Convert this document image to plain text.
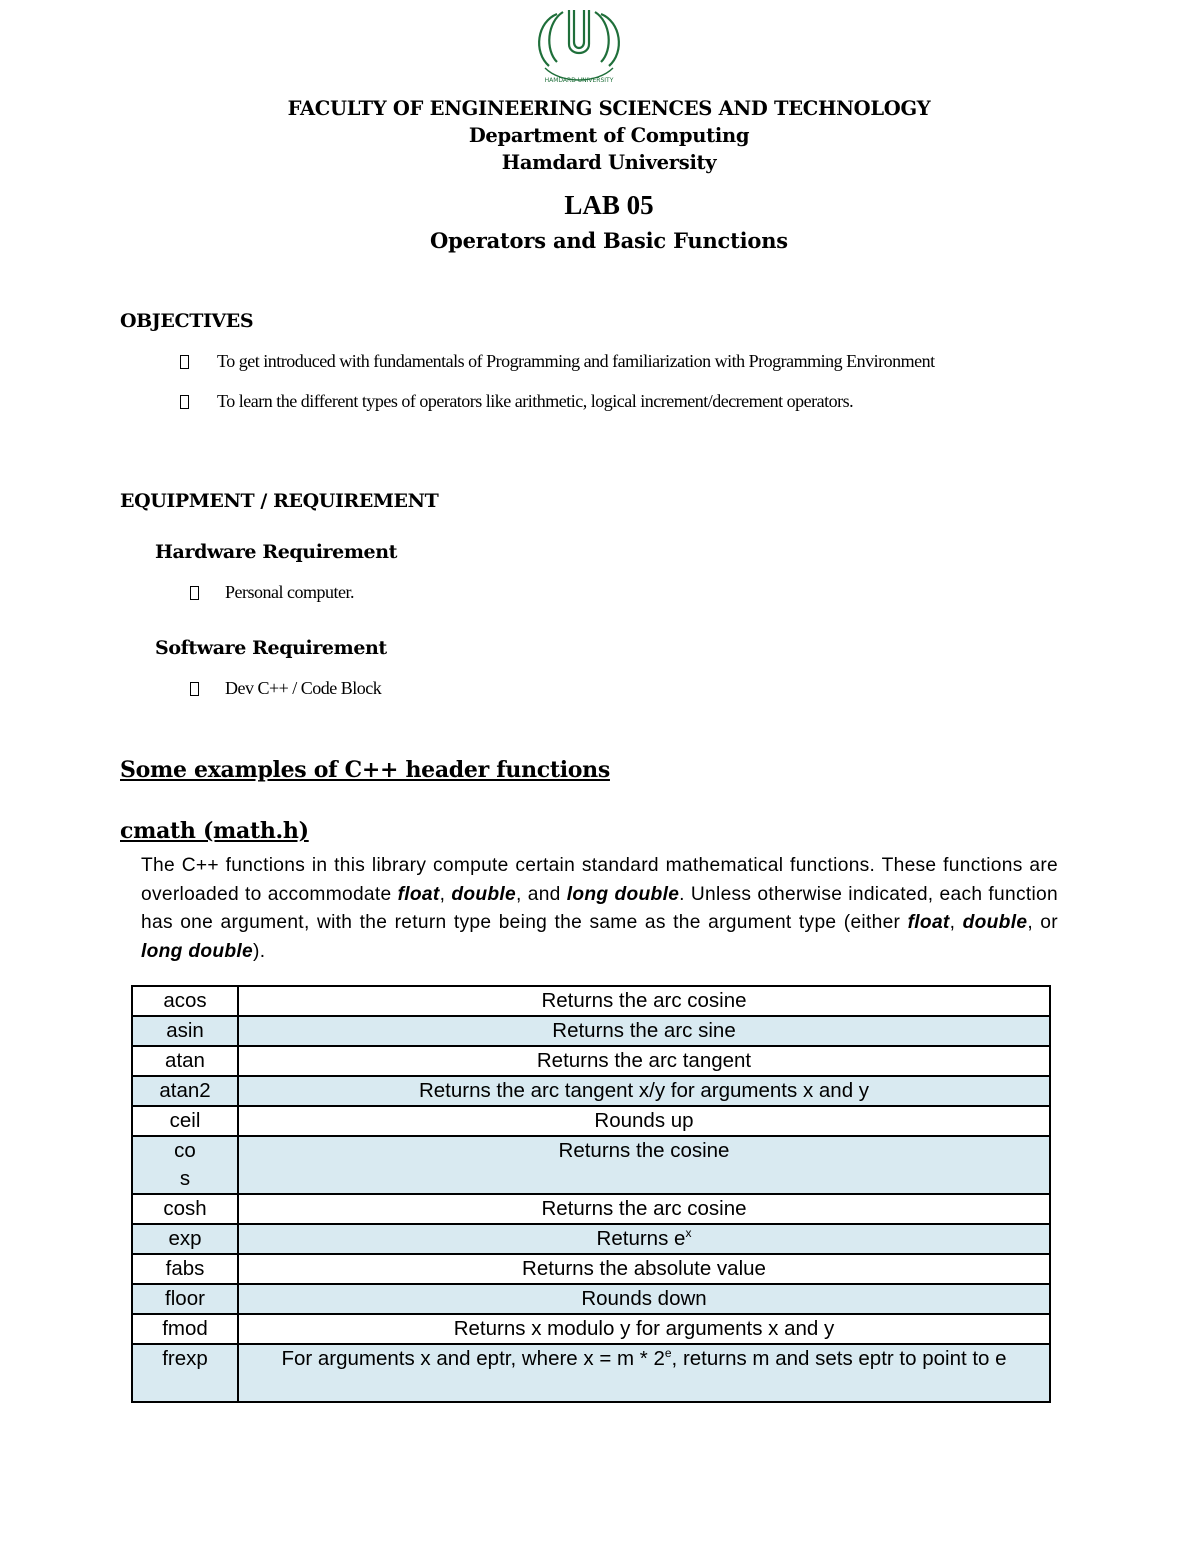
HAMDARD UNIVERSITY
FACULTY OF ENGINEERING SCIENCES AND TECHNOLOGY
Department of Computing
Hamdard University
LAB 05
Operators and Basic Functions
OBJECTIVES
To get introduced with fundamentals of Programming and familiarization with Programming Environment
To learn the different types of operators like arithmetic, logical increment/decrement operators.
EQUIPMENT / REQUIREMENT
Hardware Requirement
Personal computer.
Software Requirement
Dev C++ / Code Block
Some examples of C++ header functions
cmath (math.h)
The C++ functions in this library compute certain standard mathematical functions. These functions are overloaded to accommodate float, double, and long double. Unless otherwise indicated, each function has one argument, with the return type being the same as the argument type (either float, double, or long double).
acos	Returns the arc cosine
asin	Returns the arc sine
atan	Returns the arc tangent
atan2	Returns the arc tangent x/y for arguments x and y
ceil	Rounds up
cos	Returns the cosine
cosh	Returns the arc cosine
exp	Returns $e^x$
fabs	Returns the absolute value
floor	Rounds down
fmod	Returns x modulo y for arguments x and y
frexp	For arguments x and eptr, where x = m * 2e, returns m and sets eptr to point to e
